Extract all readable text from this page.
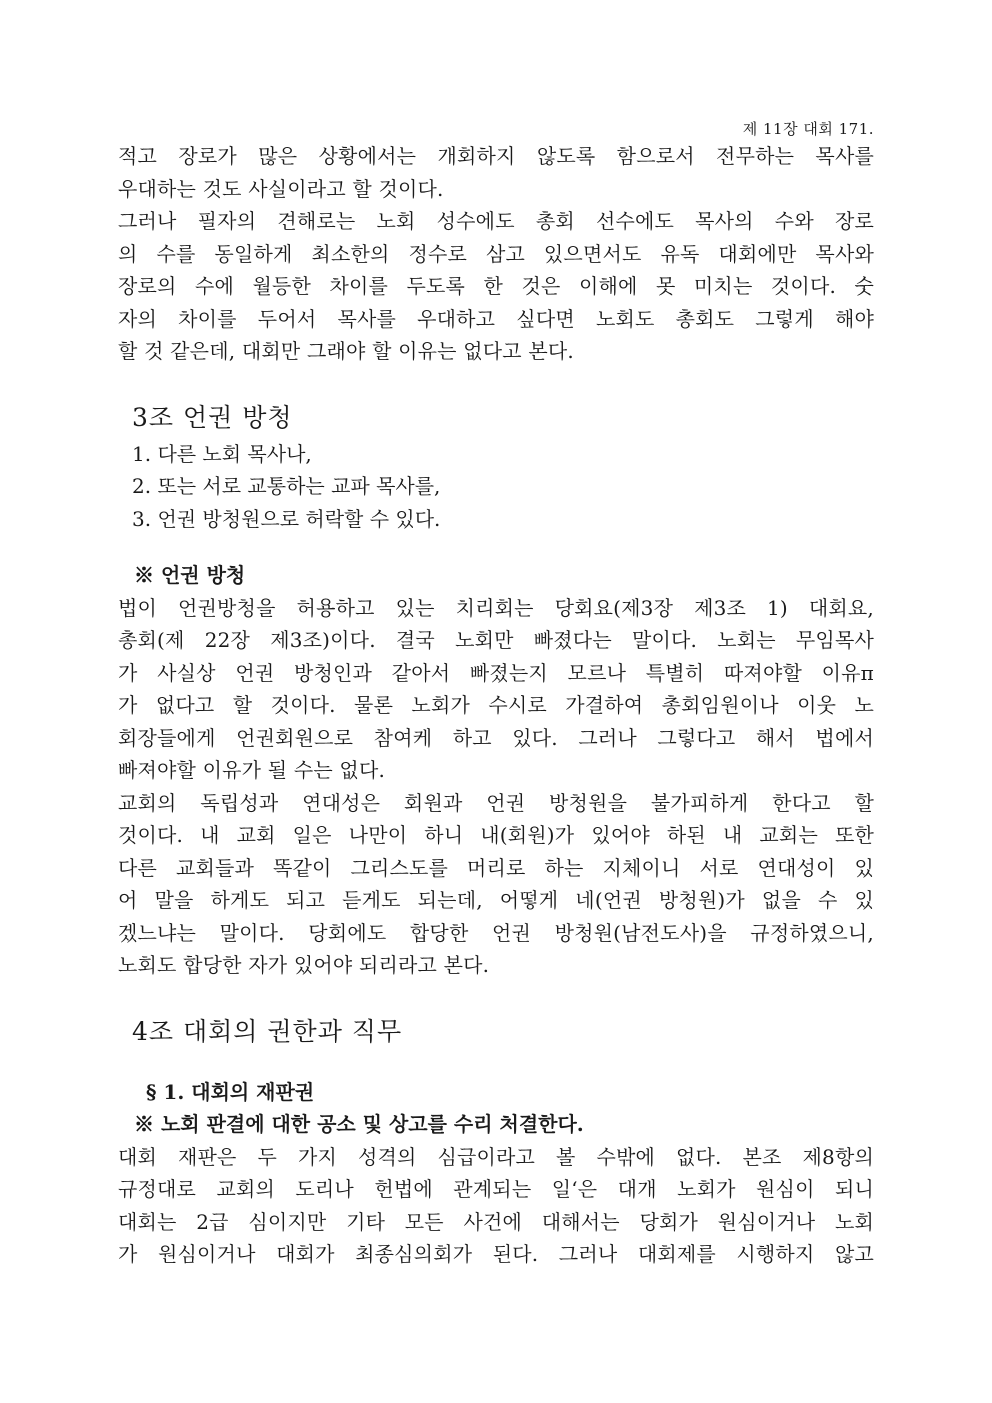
제 11장 대회 171.
적고 장로가 많은 상황에서는 개회하지 않도록 함으로서 전무하는 목사를
우대하는 것도 사실이라고 할 것이다.
그러나 필자의 견해로는 노회 성수에도 총회 선수에도 목사의 수와 장로
의 수를 동일하게 최소한의 정수로 삼고 있으면서도 유독 대회에만 목사와
장로의 수에 월등한 차이를 두도록 한 것은 이해에 못 미치는 것이다. 숫
자의 차이를 두어서 목사를 우대하고 싶다면 노회도 총회도 그렇게 해야
할 것 같은데, 대회만 그래야 할 이유는 없다고 본다.
3조 언권 방청
1. 다른 노회 목사나,
2. 또는 서로 교통하는 교파 목사를,
3. 언권 방청원으로 허락할 수 있다.
※ 언권 방청
법이 언권방청을 허용하고 있는 치리회는 당회요(제3장 제3조 1) 대회요,
총회(제 22장 제3조)이다. 결국 노회만 빠졌다는 말이다. 노회는 무임목사
가 사실상 언권 방청인과 같아서 빠졌는지 모르나 특별히 따져야할 이유π
가 없다고 할 것이다. 물론 노회가 수시로 가결하여 총회임원이나 이웃 노
회장들에게 언권회원으로 참여케 하고 있다. 그러나 그렇다고 해서 법에서
빠져야할 이유가 될 수는 없다.
교회의 독립성과 연대성은 회원과 언권 방청원을 불가피하게 한다고 할
것이다. 내 교회 일은 나만이 하니 내(회원)가 있어야 하된 내 교회는 또한
다른 교회들과 똑같이 그리스도를 머리로 하는 지체이니 서로 연대성이 있
어 말을 하게도 되고 듣게도 되는데, 어떻게 네(언권 방청원)가 없을 수 있
겠느냐는 말이다. 당회에도 합당한 언권 방청원(남전도사)을 규정하였으니,
노회도 합당한 자가 있어야 되리라고 본다.
4조 대회의 권한과 직무
§ 1. 대회의 재판권
※ 노회 판결에 대한 공소 및 상고를 수리 처결한다.
대회 재판은 두 가지 성격의 심급이라고 볼 수밖에 없다. 본조 제8항의
규정대로 교회의 도리나 헌법에 관계되는 일‘은 대개 노회가 원심이 되니
대회는 2급 심이지만 기타 모든 사건에 대해서는 당회가 원심이거나 노회
가 원심이거나 대회가 최종심의회가 된다. 그러나 대회제를 시행하지 않고
